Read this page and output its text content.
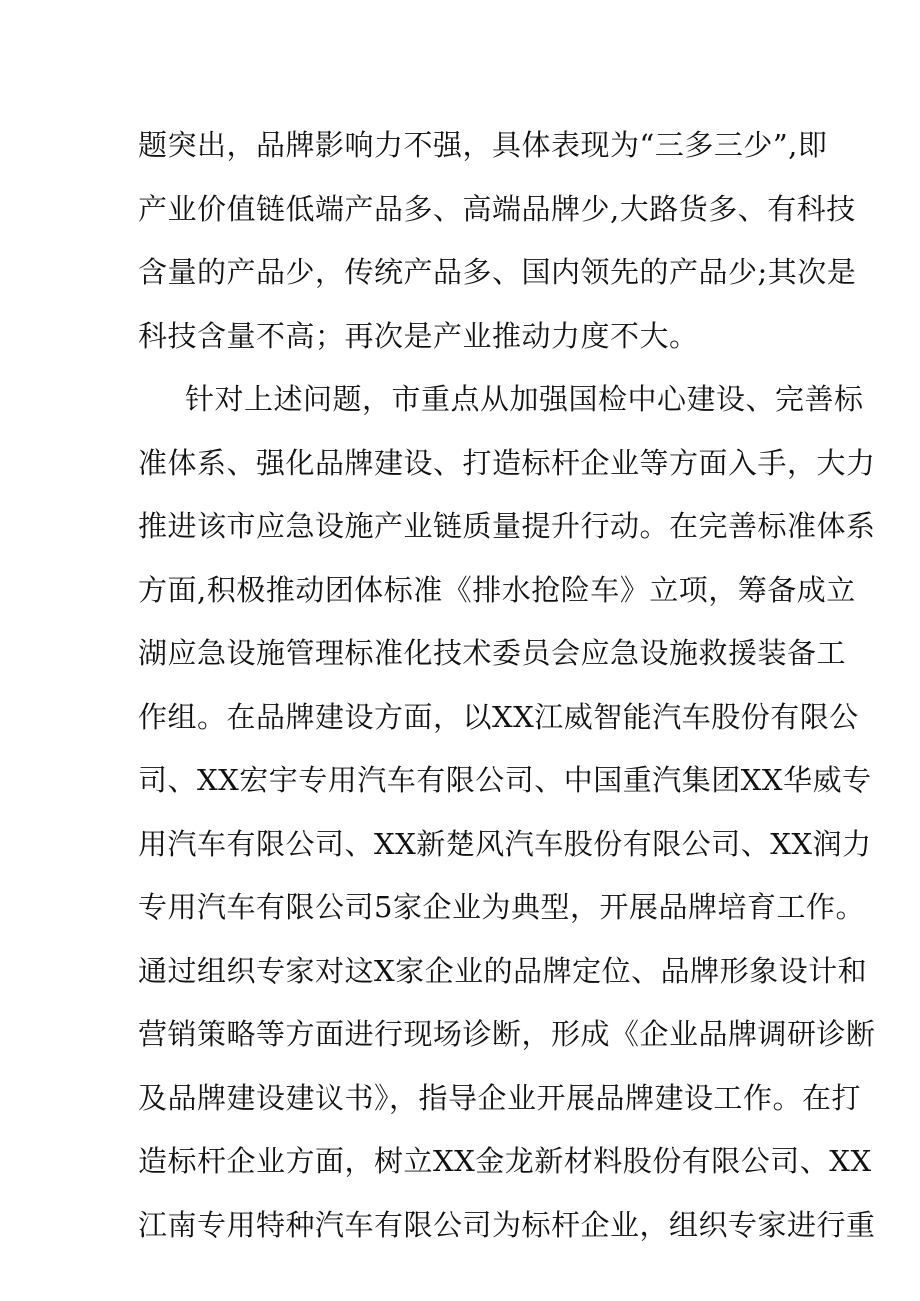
题突出，品牌影响力不强，具体表现为“三多三少”,即
产业价值链低端产品多、高端品牌少,大路货多、有科技
含量的产品少，传统产品多、国内领先的产品少;其次是
科技含量不高；再次是产业推动力度不大。
针对上述问题，市重点从加强国检中心建设、完善标
准体系、强化品牌建设、打造标杆企业等方面入手，大力
推进该市应急设施产业链质量提升行动。在完善标准体系
方面,积极推动团体标准《排水抢险车》立项，筹备成立
湖应急设施管理标准化技术委员会应急设施救援装备工
作组。在品牌建设方面，以XX江威智能汽车股份有限公
司、XX宏宇专用汽车有限公司、中国重汽集团XX华威专
用汽车有限公司、XX新楚风汽车股份有限公司、XX润力
专用汽车有限公司5家企业为典型，开展品牌培育工作。
通过组织专家对这X家企业的品牌定位、品牌形象设计和
营销策略等方面进行现场诊断，形成《企业品牌调研诊断
及品牌建设建议书》，指导企业开展品牌建设工作。在打
造标杆企业方面，树立XX金龙新材料股份有限公司、XX
江南专用特种汽车有限公司为标杆企业，组织专家进行重
